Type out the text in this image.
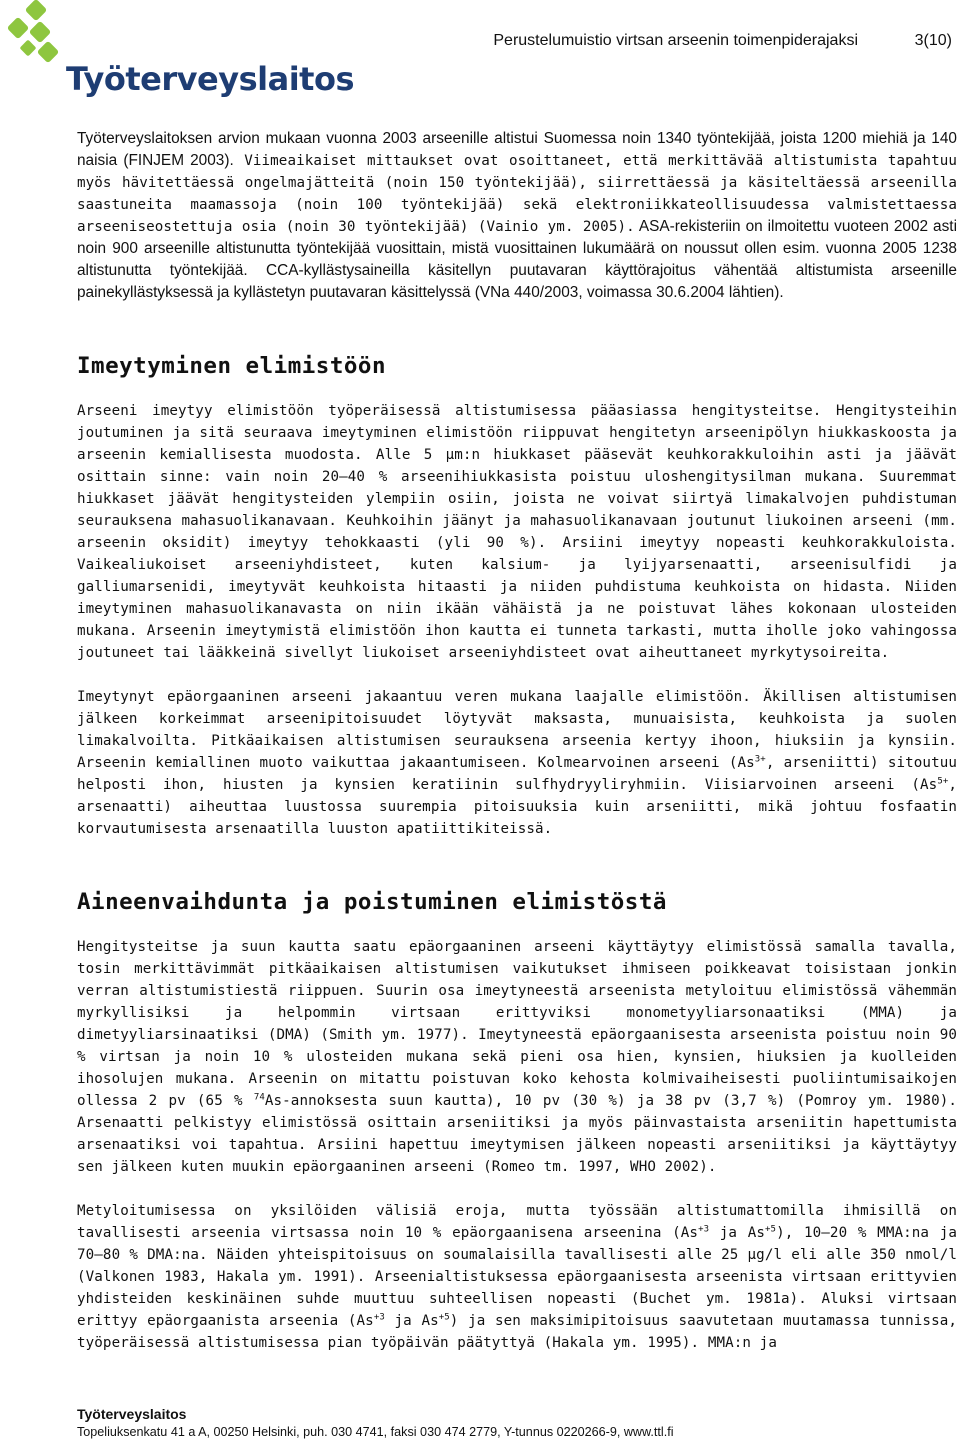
Työterveyslaitos
Perustelumuistio virtsan arseenin toimenpiderajaksi	3(10)

Työterveyslaitoksen arvion mukaan vuonna 2003 arseenille altistui Suomessa noin 1340 työntekijää, joista 1200 miehiä ja 140 naisia (FINJEM 2003). Viimeaikaiset mittaukset ovat osoittaneet, että merkittävää altistumista tapahtuu myös hävitettäessä ongelmajätteitä (noin 150 työntekijää), siirrettäessä ja käsiteltäessä arseenilla saastuneita maamassoja (noin 100 työntekijää) sekä elektroniikkateollisuudessa valmistettaessa arseeniseostettuja osia (noin 30 työntekijää) (Vainio ym. 2005). ASA-rekisteriin on ilmoitettu vuoteen 2002 asti noin 900 arseenille altistunutta työntekijää vuosittain, mistä vuosittainen lukumäärä on noussut ollen esim. vuonna 2005 1238 altistunutta työntekijää. CCA-kyllästysaineilla käsitellyn puutavaran käyttörajoitus vähentää altistumista arseenille painekyllästyksessä ja kyllästetyn puutavaran käsittelyssä (VNa 440/2003, voimassa 30.6.2004 lähtien).

Imeytyminen elimistöön

Arseeni imeytyy elimistöön työperäisessä altistumisessa pääasiassa hengitysteitse. Hengitysteihin joutuminen ja sitä seuraava imeytyminen elimistöön riippuvat hengitetyn arseenipölyn hiukkaskoosta ja arseenin kemiallisesta muodosta. Alle 5 μm:n hiukkaset pääsevät keuhkorakkuloihin asti ja jäävät osittain sinne: vain noin 20–40 % arseenihiukkasista poistuu uloshengitysilman mukana. Suuremmat hiukkaset jäävät hengitysteiden ylempiin osiin, joista ne voivat siirtyä limakalvojen puhdistuman seurauksena mahasuolikanavaan. Keuhkoihin jäänyt ja mahasuolikanavaan joutunut liukoinen arseeni (mm. arseenin oksidit) imeytyy tehokkaasti (yli 90 %). Arsiini imeytyy nopeasti keuhkorakkuloista. Vaikealiukoiset arseeniyhdisteet, kuten kalsium- ja lyijyarsenaatti, arseenisulfidi ja galliumarsenidi, imeytyvät keuhkoista hitaasti ja niiden puhdistuma keuhkoista on hidasta. Niiden imeytyminen mahasuolikanavasta on niin ikään vähäistä ja ne poistuvat lähes kokonaan ulosteiden mukana. Arseenin imeytymistä elimistöön ihon kautta ei tunneta tarkasti, mutta iholle joko vahingossa joutuneet tai lääkkeinä sivellyt liukoiset arseeniyhdisteet ovat aiheuttaneet myrkytysoireita.

Imeytynyt epäorgaaninen arseeni jakaantuu veren mukana laajalle elimistöön. Äkillisen altistumisen jälkeen korkeimmat arseenipitoisuudet löytyvät maksasta, munuaisista, keuhkoista ja suolen limakalvoilta. Pitkäaikaisen altistumisen seurauksena arseenia kertyy ihoon, hiuksiin ja kynsiin. Arseenin kemiallinen muoto vaikuttaa jakaantumiseen. Kolmearvoinen arseeni ($As^{3+}$, arseniitti) sitoutuu helposti ihon, hiusten ja kynsien keratiinin sulfhydryyliryhmiin. Viisiarvoinen arseeni ($As^{5+}$, arsenaatti) aiheuttaa luustossa suurempia pitoisuuksia kuin arseniitti, mikä johtuu fosfaatin korvautumisesta arsenaatilla luuston apatiittikiteissä.

Aineenvaihdunta ja poistuminen elimistöstä

Hengitysteitse ja suun kautta saatu epäorgaaninen arseeni käyttäytyy elimistössä samalla tavalla, tosin merkittävimmät pitkäaikaisen altistumisen vaikutukset ihmiseen poikkeavat toisistaan jonkin verran altistumistiestä riippuen. Suurin osa imeytyneestä arseenista metyloituu elimistössä vähemmän myrkyllisiksi ja helpommin virtsaan erittyviksi monometyyliarsonaatiksi (MMA) ja dimetyyliarsinaatiksi (DMA) (Smith ym. 1977). Imeytyneestä epäorgaanisesta arseenista poistuu noin 90 % virtsan ja noin 10 % ulosteiden mukana sekä pieni osa hien, kynsien, hiuksien ja kuolleiden ihosolujen mukana. Arseenin on mitattu poistuvan koko kehosta kolmivaiheisesti puoliintumisaikojen ollessa 2 pv (65 % $^{74}$As-annoksesta suun kautta), 10 pv (30 %) ja 38 pv (3,7 %) (Pomroy ym. 1980). Arsenaatti pelkistyy elimistössä osittain arseniitiksi ja myös päinvastaista arseniitin hapettumista arsenaatiksi voi tapahtua. Arsiini hapettuu imeytymisen jälkeen nopeasti arseniitiksi ja käyttäytyy sen jälkeen kuten muukin epäorgaaninen arseeni (Romeo tm. 1997, WHO 2002).

Metyloitumisessa on yksilöiden välisiä eroja, mutta työssään altistumattomilla ihmisillä on tavallisesti arseenia virtsassa noin 10 % epäorgaanisena arseenina ($As^{+3}$ ja $As^{+5}$), 10–20 % MMA:na ja 70–80 % DMA:na. Näiden yhteispitoisuus on soumalaisilla tavallisesti alle 25 μg/l eli alle 350 nmol/l (Valkonen 1983, Hakala ym. 1991). Arseenialtistuksessa epäorgaanisesta arseenista virtsaan erittyvien yhdisteiden keskinäinen suhde muuttuu suhteellisen nopeasti (Buchet ym. 1981a). Aluksi virtsaan erittyy epäorgaanista arseenia ($As^{+3}$ ja $As^{+5}$) ja sen maksimipitoisuus saavutetaan muutamassa tunnissa, työperäisessä altistumisessa pian työpäivän päätyttyä (Hakala ym. 1995). MMA:n ja

Työterveyslaitos
Topeliuksenkatu 41 a A, 00250 Helsinki, puh. 030 4741, faksi 030 474 2779, Y-tunnus 0220266-9, www.ttl.fi
